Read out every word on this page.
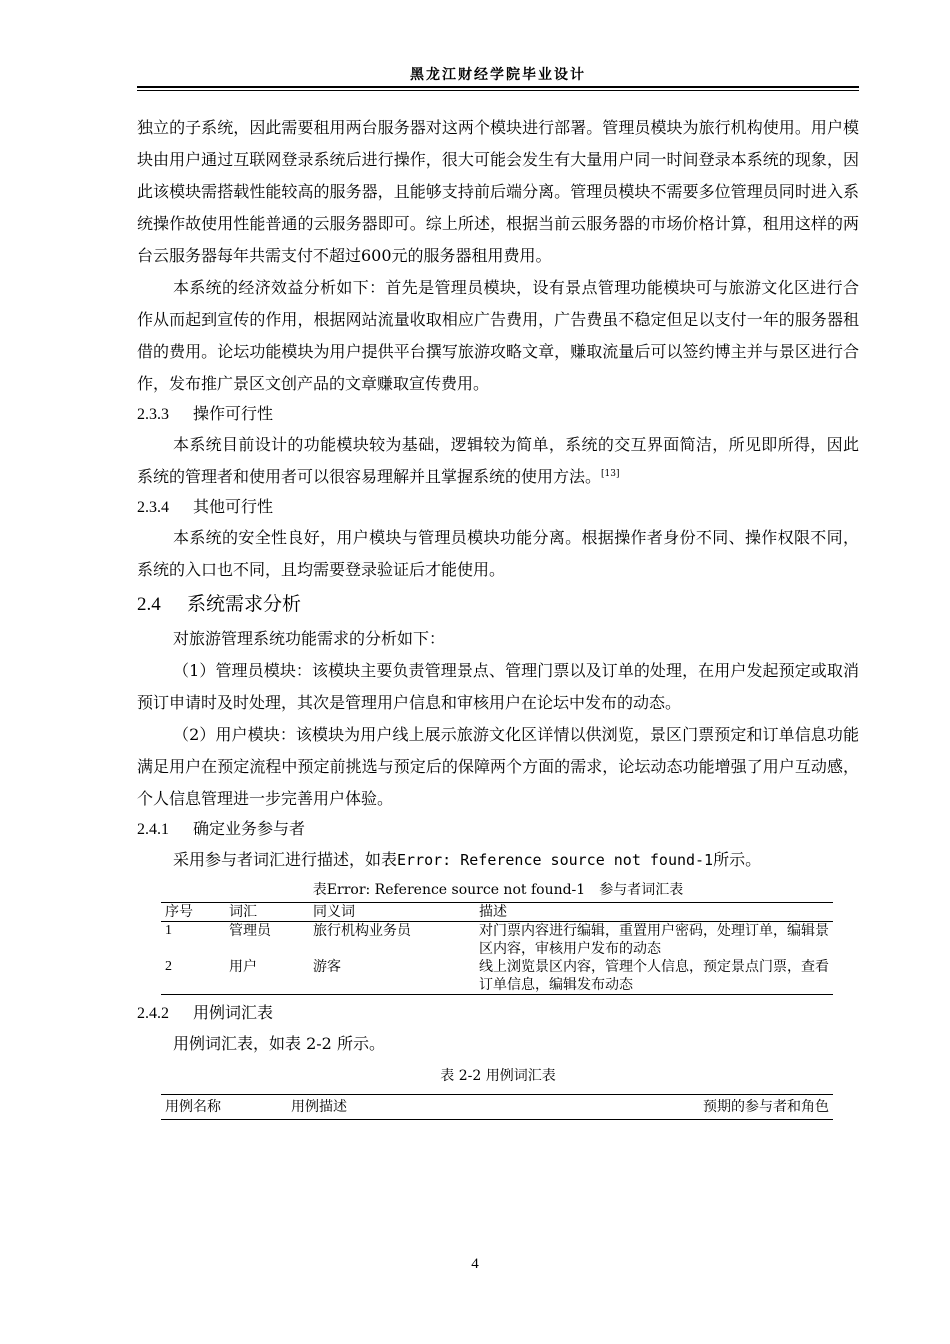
黑龙江财经学院毕业设计

独立的子系统，因此需要租用两台服务器对这两个模块进行部署。管理员模块为旅行机构使用。用户模块由用户通过互联网登录系统后进行操作，很大可能会发生有大量用户同一时间登录本系统的现象，因此该模块需搭载性能较高的服务器，且能够支持前后端分离。管理员模块不需要多位管理员同时进入系统操作故使用性能普通的云服务器即可。综上所述，根据当前云服务器的市场价格计算，租用这样的两台云服务器每年共需支付不超过600元的服务器租用费用。

本系统的经济效益分析如下：首先是管理员模块，设有景点管理功能模块可与旅游文化区进行合作从而起到宣传的作用，根据网站流量收取相应广告费用，广告费虽不稳定但足以支付一年的服务器租借的费用。论坛功能模块为用户提供平台撰写旅游攻略文章，赚取流量后可以签约博主并与景区进行合作，发布推广景区文创产品的文章赚取宣传费用。

2.3.3 操作可行性

本系统目前设计的功能模块较为基础，逻辑较为简单，系统的交互界面简洁，所见即所得，因此系统的管理者和使用者可以很容易理解并且掌握系统的使用方法。[13]

2.3.4 其他可行性

本系统的安全性良好，用户模块与管理员模块功能分离。根据操作者身份不同、操作权限不同，系统的入口也不同，且均需要登录验证后才能使用。

2.4 系统需求分析

对旅游管理系统功能需求的分析如下：

（1）管理员模块：该模块主要负责管理景点、管理门票以及订单的处理，在用户发起预定或取消预订申请时及时处理，其次是管理用户信息和审核用户在论坛中发布的动态。

（2）用户模块：该模块为用户线上展示旅游文化区详情以供浏览，景区门票预定和订单信息功能满足用户在预定流程中预定前挑选与预定后的保障两个方面的需求，论坛动态功能增强了用户互动感，个人信息管理进一步完善用户体验。

2.4.1 确定业务参与者

采用参与者词汇进行描述，如表Error: Reference source not found-1所示。

表Error: Reference source not found-1　参与者词汇表
序号	词汇	同义词	描述
1	管理员	旅行机构业务员	对门票内容进行编辑，重置用户密码，处理订单，编辑景区内容，审核用户发布的动态
2	用户	游客	线上浏览景区内容，管理个人信息，预定景点门票，查看订单信息，编辑发布动态
2.4.2 用例词汇表

用例词汇表，如表 2-2 所示。

表 2-2 用例词汇表
用例名称	用例描述	预期的参与者和角色
4
